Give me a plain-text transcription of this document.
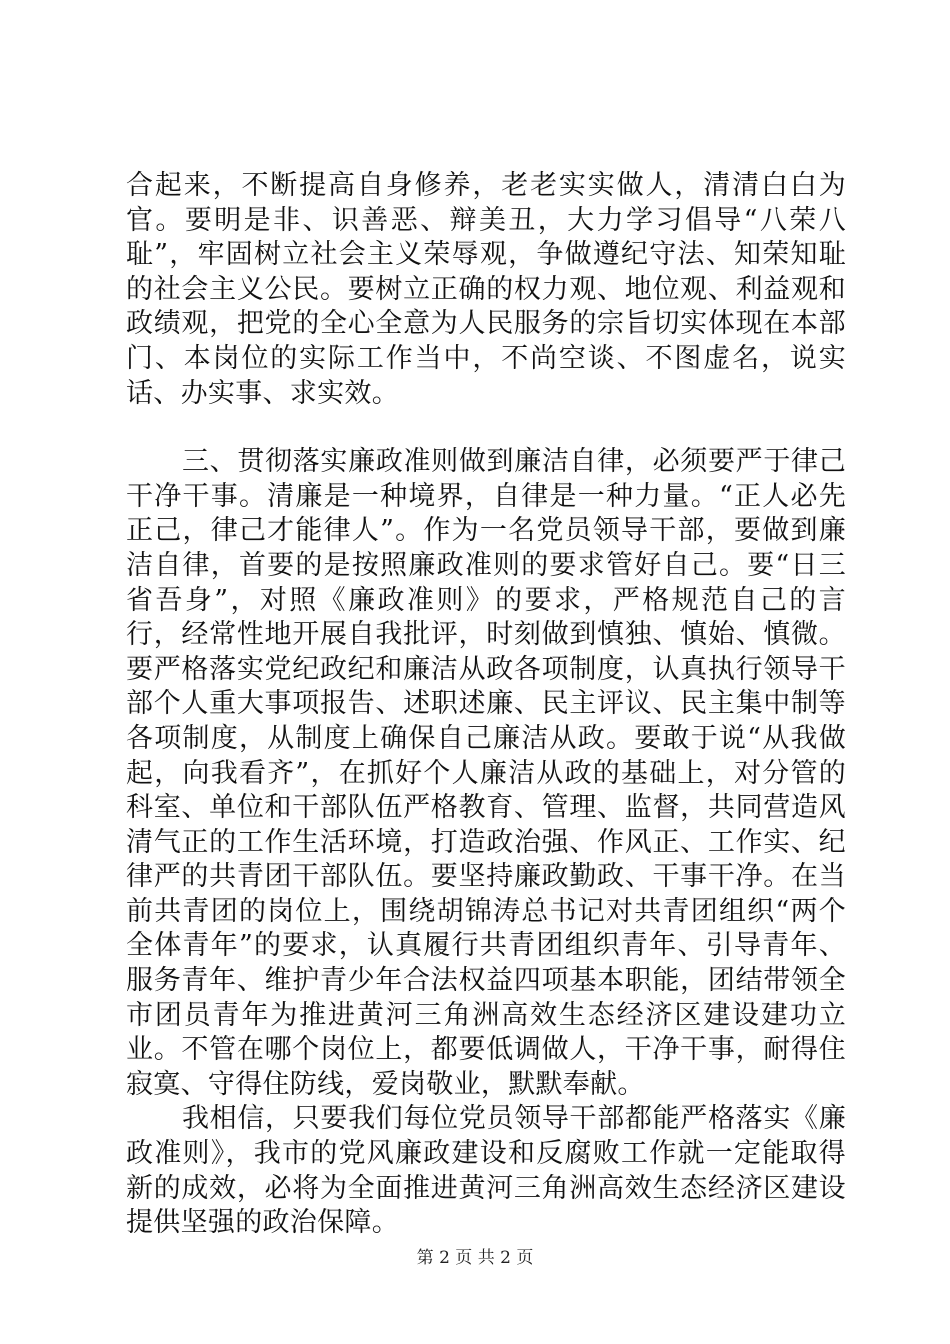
合起来，不断提高自身修养，老老实实做人，清清白白为官。要明是非、识善恶、辩美丑，大力学习倡导“八荣八耻”，牢固树立社会主义荣辱观，争做遵纪守法、知荣知耻的社会主义公民。要树立正确的权力观、地位观、利益观和政绩观，把党的全心全意为人民服务的宗旨切实体现在本部门、本岗位的实际工作当中，不尚空谈、不图虚名，说实话、办实事、求实效。

三、贯彻落实廉政准则做到廉洁自律，必须要严于律己干净干事。清廉是一种境界，自律是一种力量。“正人必先正己，律己才能律人”。作为一名党员领导干部，要做到廉洁自律，首要的是按照廉政准则的要求管好自己。要“日三省吾身”，对照《廉政准则》的要求，严格规范自己的言行，经常性地开展自我批评，时刻做到慎独、慎始、慎微。要严格落实党纪政纪和廉洁从政各项制度，认真执行领导干部个人重大事项报告、述职述廉、民主评议、民主集中制等各项制度，从制度上确保自己廉洁从政。要敢于说“从我做起，向我看齐”，在抓好个人廉洁从政的基础上，对分管的科室、单位和干部队伍严格教育、管理、监督，共同营造风清气正的工作生活环境，打造政治强、作风正、工作实、纪律严的共青团干部队伍。要坚持廉政勤政、干事干净。在当前共青团的岗位上，围绕胡锦涛总书记对共青团组织“两个全体青年”的要求，认真履行共青团组织青年、引导青年、服务青年、维护青少年合法权益四项基本职能，团结带领全市团员青年为推进黄河三角洲高效生态经济区建设建功立业。不管在哪个岗位上，都要低调做人，干净干事，耐得住寂寞、守得住防线，爱岗敬业，默默奉献。

我相信，只要我们每位党员领导干部都能严格落实《廉政准则》，我市的党风廉政建设和反腐败工作就一定能取得新的成效，必将为全面推进黄河三角洲高效生态经济区建设提供坚强的政治保障。

第 2 页 共 2 页
